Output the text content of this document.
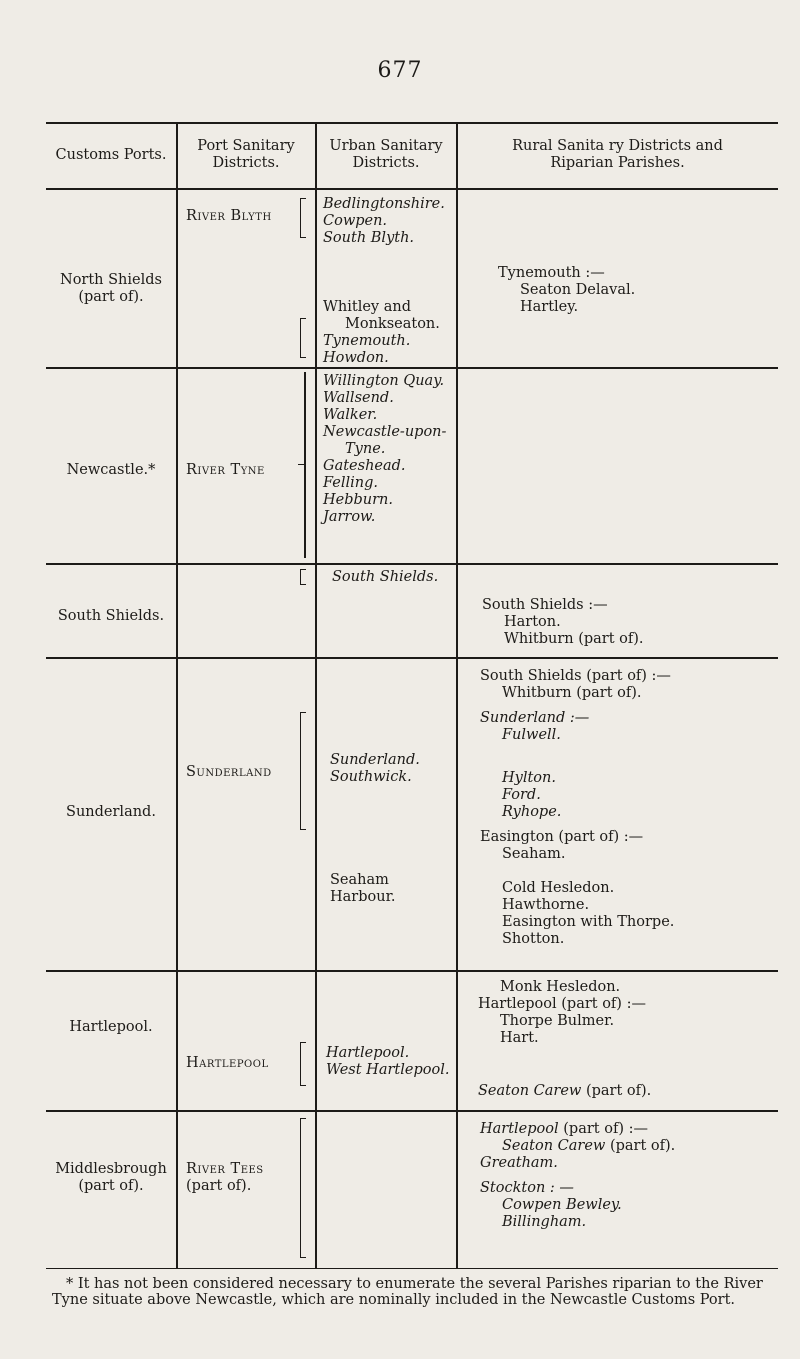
677
Customs Ports.
Port Sanitary
Districts.
Urban Sanitary
Districts.
Rural Sanita ry Districts and
Riparian Parishes.
North Shields
(part of).
River Blyth
Bedlingtonshire.
Cowpen.
South Blyth.
Whitley and
Monkseaton.
Tynemouth.
Howdon.
Tynemouth :—
Seaton Delaval.
Hartley.
Newcastle.*	River Tyne
Willington Quay.
Wallsend.
Walker.
Newcastle-upon-
Tyne.
Gateshead.
Felling.
Hebburn.
Jarrow.
South Shields.
South Shields.
South Shields :—
Harton.
Whitburn (part of).
Sunderland.
Sunderland
Sunderland.
Southwick.
Seaham Harbour.
South Shields (part of) :—
Whitburn (part of).
Sunderland :—
Fulwell.
Hylton.
Ford.
Ryhope.
Easington (part of) :—
Seaham.
Cold Hesledon.
Hawthorne.
Easington with Thorpe.
Shotton.
Hartlepool.
Hartlepool
Hartlepool.
West Hartlepool.
Monk Hesledon.
Hartlepool (part of) :—
Thorpe Bulmer.
Hart.
Seaton Carew (part of).
Middlesbrough
(part of).
River Tees
(part of).
Hartlepool (part of) :—
Seaton Carew (part of).
Greatham.
Stockton : —
Cowpen Bewley.
Billingham.
* It has not been considered necessary to enumerate the several Parishes riparian to the River Tyne situate above Newcastle, which are nominally included in the Newcastle Customs Port.
